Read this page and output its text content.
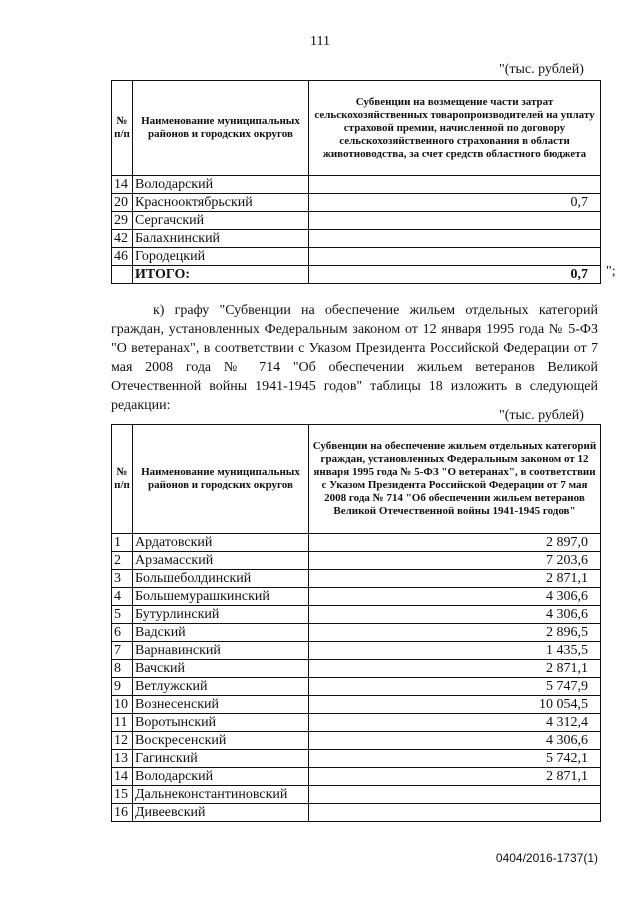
111
"(тыс. рублей)
№ п/п	Наименование муниципальных районов и городских округов	Субвенции на возмещение части затрат сельскохозяйственных товаропроизводителей на уплату страховой премии, начисленной по договору сельскохозяйственного страхования в области животноводства, за счет средств областного бюджета
14	Володарский	
20	Краснооктябрьский	0,7
29	Сергачский	
42	Балахнинский	
46	Городецкий	
	ИТОГО:	0,7 ";
к) графу "Субвенции на обеспечение жильем отдельных категорий граждан, установленных Федеральным законом от 12 января 1995 года № 5-ФЗ "О ветеранах", в соответствии с Указом Президента Российской Федерации от 7 мая 2008 года № 714 "Об обеспечении жильем ветеранов Великой Отечественной войны 1941-1945 годов" таблицы 18 изложить в следующей редакции:
"(тыс. рублей)
№ п/п	Наименование муниципальных районов и городских округов	Субвенции на обеспечение жильем отдельных категорий граждан, установленных Федеральным законом от 12 января 1995 года № 5-ФЗ "О ветеранах", в соответствии с Указом Президента Российской Федерации от 7 мая 2008 года № 714 "Об обеспечении жильем ветеранов Великой Отечественной войны 1941-1945 годов"
1	Ардатовский	2 897,0
2	Арзамасский	7 203,6
3	Большеболдинский	2 871,1
4	Большемурашкинский	4 306,6
5	Бутурлинский	4 306,6
6	Вадский	2 896,5
7	Варнавинский	1 435,5
8	Вачский	2 871,1
9	Ветлужский	5 747,9
10	Вознесенский	10 054,5
11	Воротынский	4 312,4
12	Воскресенский	4 306,6
13	Гагинский	5 742,1
14	Володарский	2 871,1
15	Дальнеконстантиновский	
16	Дивеевский	
0404/2016-1737(1)
